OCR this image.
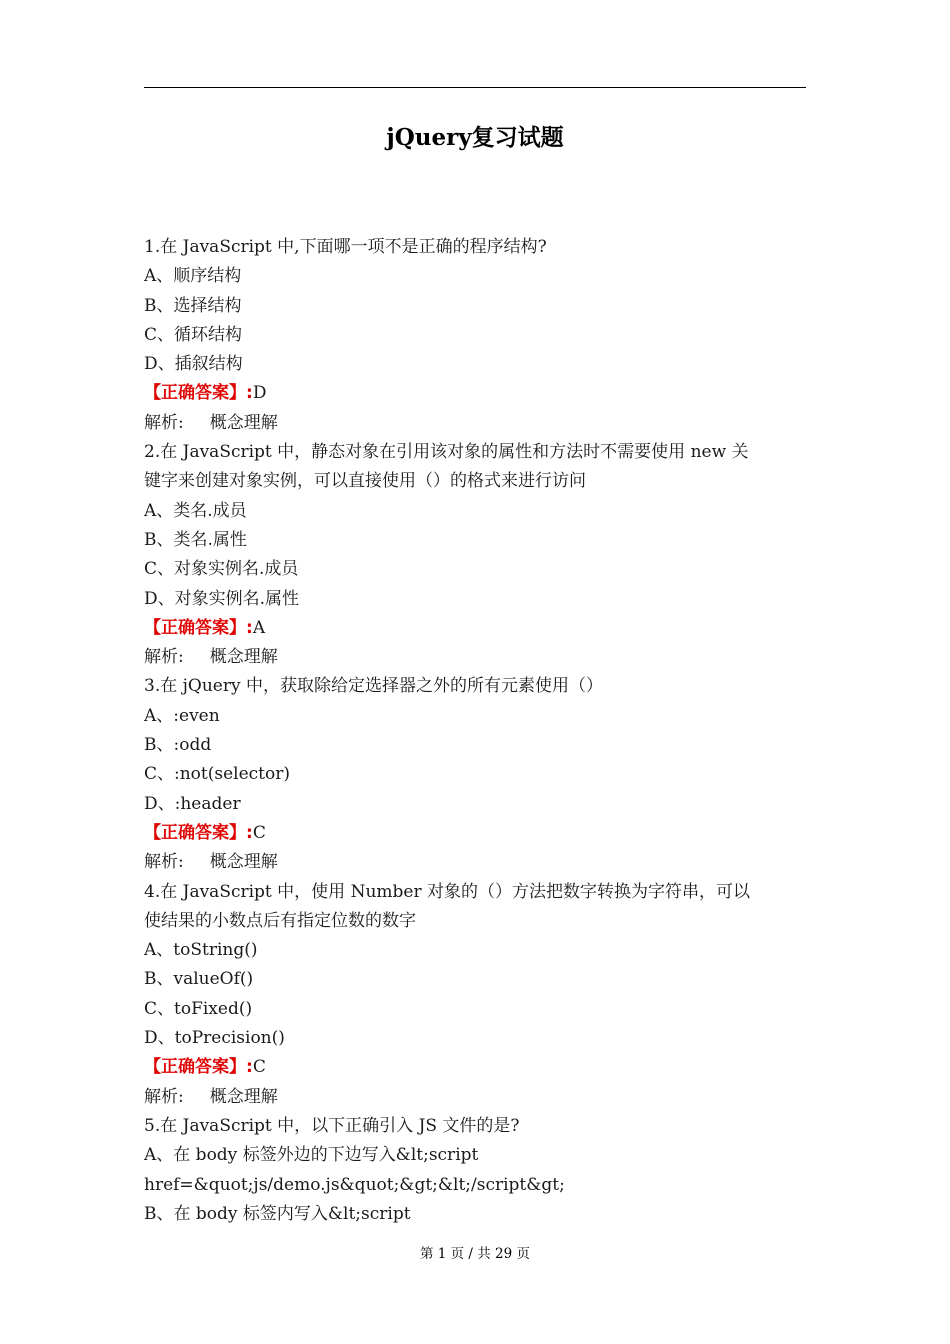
jQuery复习试题
1.在 JavaScript 中,下面哪一项不是正确的程序结构?
A、顺序结构
B、选择结构
C、循环结构
D、插叙结构
【正确答案】:D
解析: 概念理解
2.在 JavaScript 中，静态对象在引用该对象的属性和方法时不需要使用 new 关
键字来创建对象实例，可以直接使用（）的格式来进行访问
A、类名.成员
B、类名.属性
C、对象实例名.成员
D、对象实例名.属性
【正确答案】:A
解析: 概念理解
3.在 jQuery 中，获取除给定选择器之外的所有元素使用（）
A、:even
B、:odd
C、:not(selector)
D、:header
【正确答案】:C
解析: 概念理解
4.在 JavaScript 中，使用 Number 对象的（）方法把数字转换为字符串，可以
使结果的小数点后有指定位数的数字
A、toString()
B、valueOf()
C、toFixed()
D、toPrecision()
【正确答案】:C
解析: 概念理解
5.在 JavaScript 中，以下正确引入 JS 文件的是?
A、在 body 标签外边的下边写入&lt;script
href=&quot;js/demo.js&quot;&gt;&lt;/script&gt;
B、在 body 标签内写入&lt;script
第 1 页 / 共 29 页
